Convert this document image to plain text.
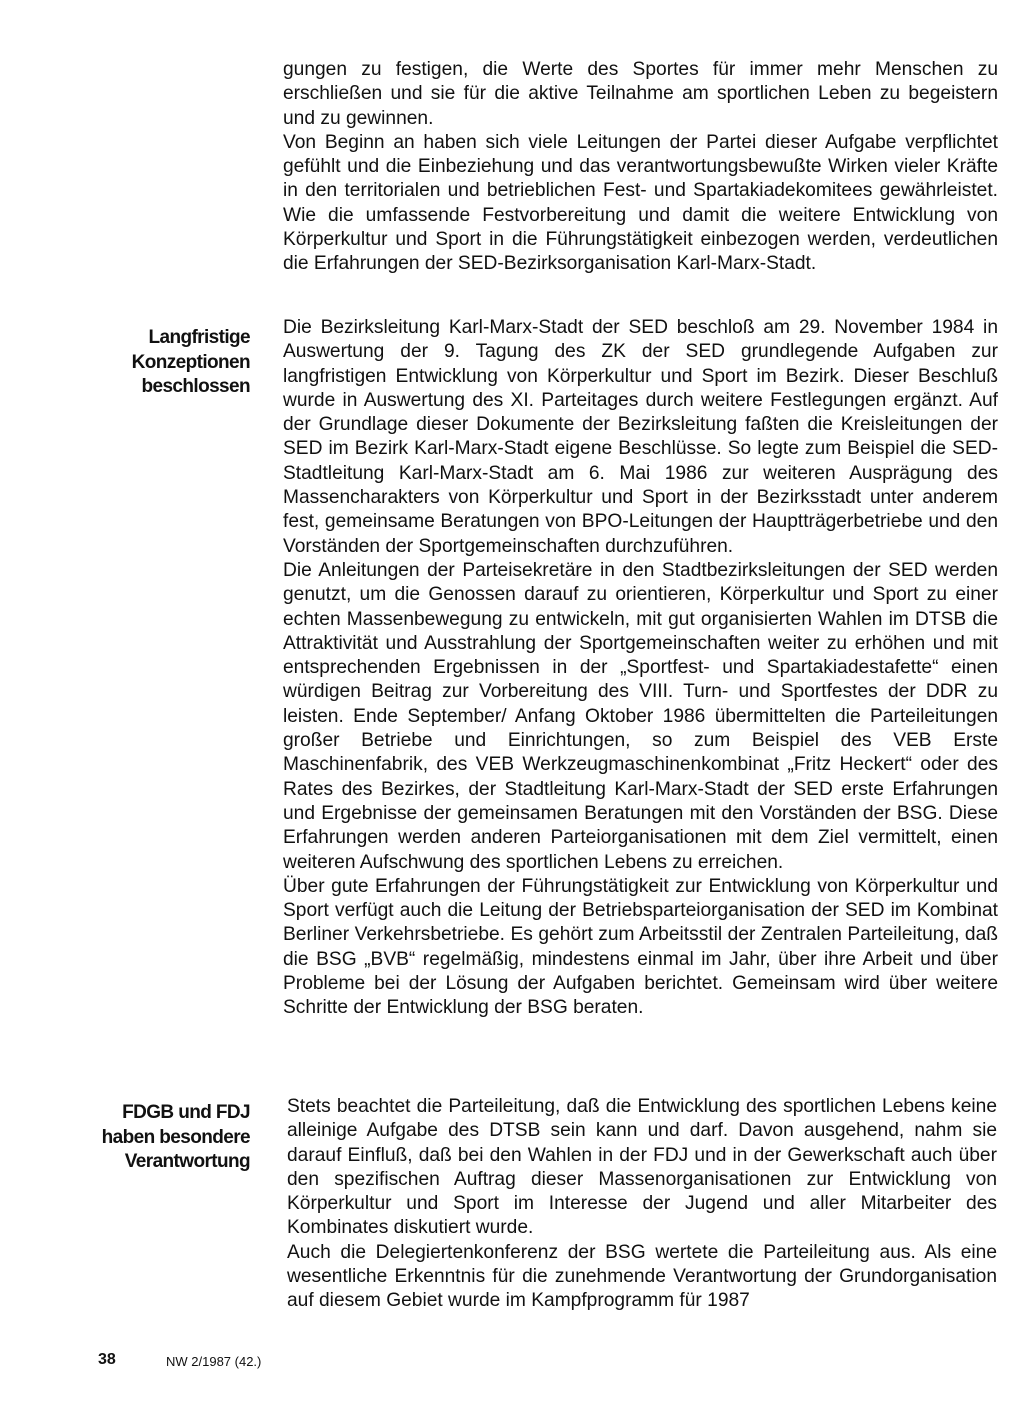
gungen zu festigen, die Werte des Sportes für immer mehr Menschen zu erschließen und sie für die aktive Teilnahme am sportlichen Leben zu begeistern und zu gewinnen.

Von Beginn an haben sich viele Leitungen der Partei dieser Aufgabe verpflichtet gefühlt und die Einbeziehung und das verantwortungsbewußte Wirken vieler Kräfte in den territorialen und betrieblichen Fest- und Spartakiadekomitees gewährleistet. Wie die umfassende Festvorbereitung und damit die weitere Entwicklung von Körperkultur und Sport in die Führungstätigkeit einbezogen werden, verdeutlichen die Erfahrungen der SED-Bezirksorganisation Karl-Marx-Stadt.

Langfristige
Konzeptionen
beschlossen

Die Bezirksleitung Karl-Marx-Stadt der SED beschloß am 29. November 1984 in Auswertung der 9. Tagung des ZK der SED grundlegende Aufgaben zur langfristigen Entwicklung von Körperkultur und Sport im Bezirk. Dieser Beschluß wurde in Auswertung des XI. Parteitages durch weitere Festlegungen ergänzt. Auf der Grundlage dieser Dokumente der Bezirksleitung faßten die Kreisleitungen der SED im Bezirk Karl-Marx-Stadt eigene Beschlüsse. So legte zum Beispiel die SED-Stadtleitung Karl-Marx-Stadt am 6. Mai 1986 zur weiteren Ausprägung des Massencharakters von Körperkultur und Sport in der Bezirksstadt unter anderem fest, gemeinsame Beratungen von BPO-Leitungen der Hauptträgerbetriebe und den Vorständen der Sportgemeinschaften durchzuführen.

Die Anleitungen der Parteisekretäre in den Stadtbezirksleitungen der SED werden genutzt, um die Genossen darauf zu orientieren, Körperkultur und Sport zu einer echten Massenbewegung zu entwickeln, mit gut organisierten Wahlen im DTSB die Attraktivität und Ausstrahlung der Sportgemeinschaften weiter zu erhöhen und mit entsprechenden Ergebnissen in der „Sportfest- und Spartakiadestafette“ einen würdigen Beitrag zur Vorbereitung des VIII. Turn- und Sportfestes der DDR zu leisten. Ende September/ Anfang Oktober 1986 übermittelten die Parteileitungen großer Betriebe und Einrichtungen, so zum Beispiel des VEB Erste Maschinenfabrik, des VEB Werkzeugmaschinenkombinat „Fritz Heckert“ oder des Rates des Bezirkes, der Stadtleitung Karl-Marx-Stadt der SED erste Erfahrungen und Ergebnisse der gemeinsamen Beratungen mit den Vorständen der BSG. Diese Erfahrungen werden anderen Parteiorganisationen mit dem Ziel vermittelt, einen weiteren Aufschwung des sportlichen Lebens zu erreichen.

Über gute Erfahrungen der Führungstätigkeit zur Entwicklung von Körperkultur und Sport verfügt auch die Leitung der Betriebsparteiorganisation der SED im Kombinat Berliner Verkehrsbetriebe. Es gehört zum Arbeitsstil der Zentralen Parteileitung, daß die BSG „BVB“ regelmäßig, mindestens einmal im Jahr, über ihre Arbeit und über Probleme bei der Lösung der Aufgaben berichtet. Gemeinsam wird über weitere Schritte der Entwicklung der BSG beraten.

FDGB und FDJ
haben besondere
Verantwortung

Stets beachtet die Parteileitung, daß die Entwicklung des sportlichen Lebens keine alleinige Aufgabe des DTSB sein kann und darf. Davon ausgehend, nahm sie darauf Einfluß, daß bei den Wahlen in der FDJ und in der Gewerkschaft auch über den spezifischen Auftrag dieser Massenorganisationen zur Entwicklung von Körperkultur und Sport im Interesse der Jugend und aller Mitarbeiter des Kombinates diskutiert wurde.

Auch die Delegiertenkonferenz der BSG wertete die Parteileitung aus. Als eine wesentliche Erkenntnis für die zunehmende Verantwortung der Grundorganisation auf diesem Gebiet wurde im Kampfprogramm für 1987

38	NW 2/1987 (42.)
